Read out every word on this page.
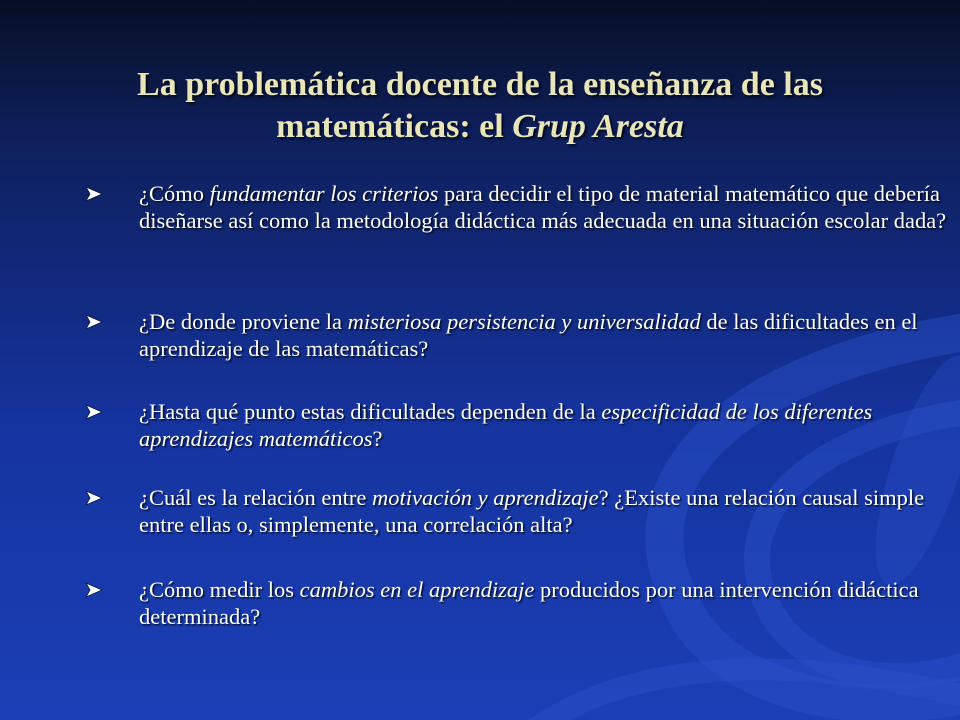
La problemática docente de la enseñanza de las
matemáticas: el Grup Aresta
¿Cómo fundamentar los criterios para decidir el tipo de material matemático que debería diseñarse así como la metodología didáctica más adecuada en una situación escolar dada?
¿De donde proviene la misteriosa persistencia y universalidad de las dificultades en el aprendizaje de las matemáticas?
¿Hasta qué punto estas dificultades dependen de la especificidad de los diferentes aprendizajes matemáticos?
¿Cuál es la relación entre motivación y aprendizaje? ¿Existe una relación causal simple entre ellas o, simplemente, una correlación alta?
¿Cómo medir los cambios en el aprendizaje producidos por una intervención didáctica determinada?
